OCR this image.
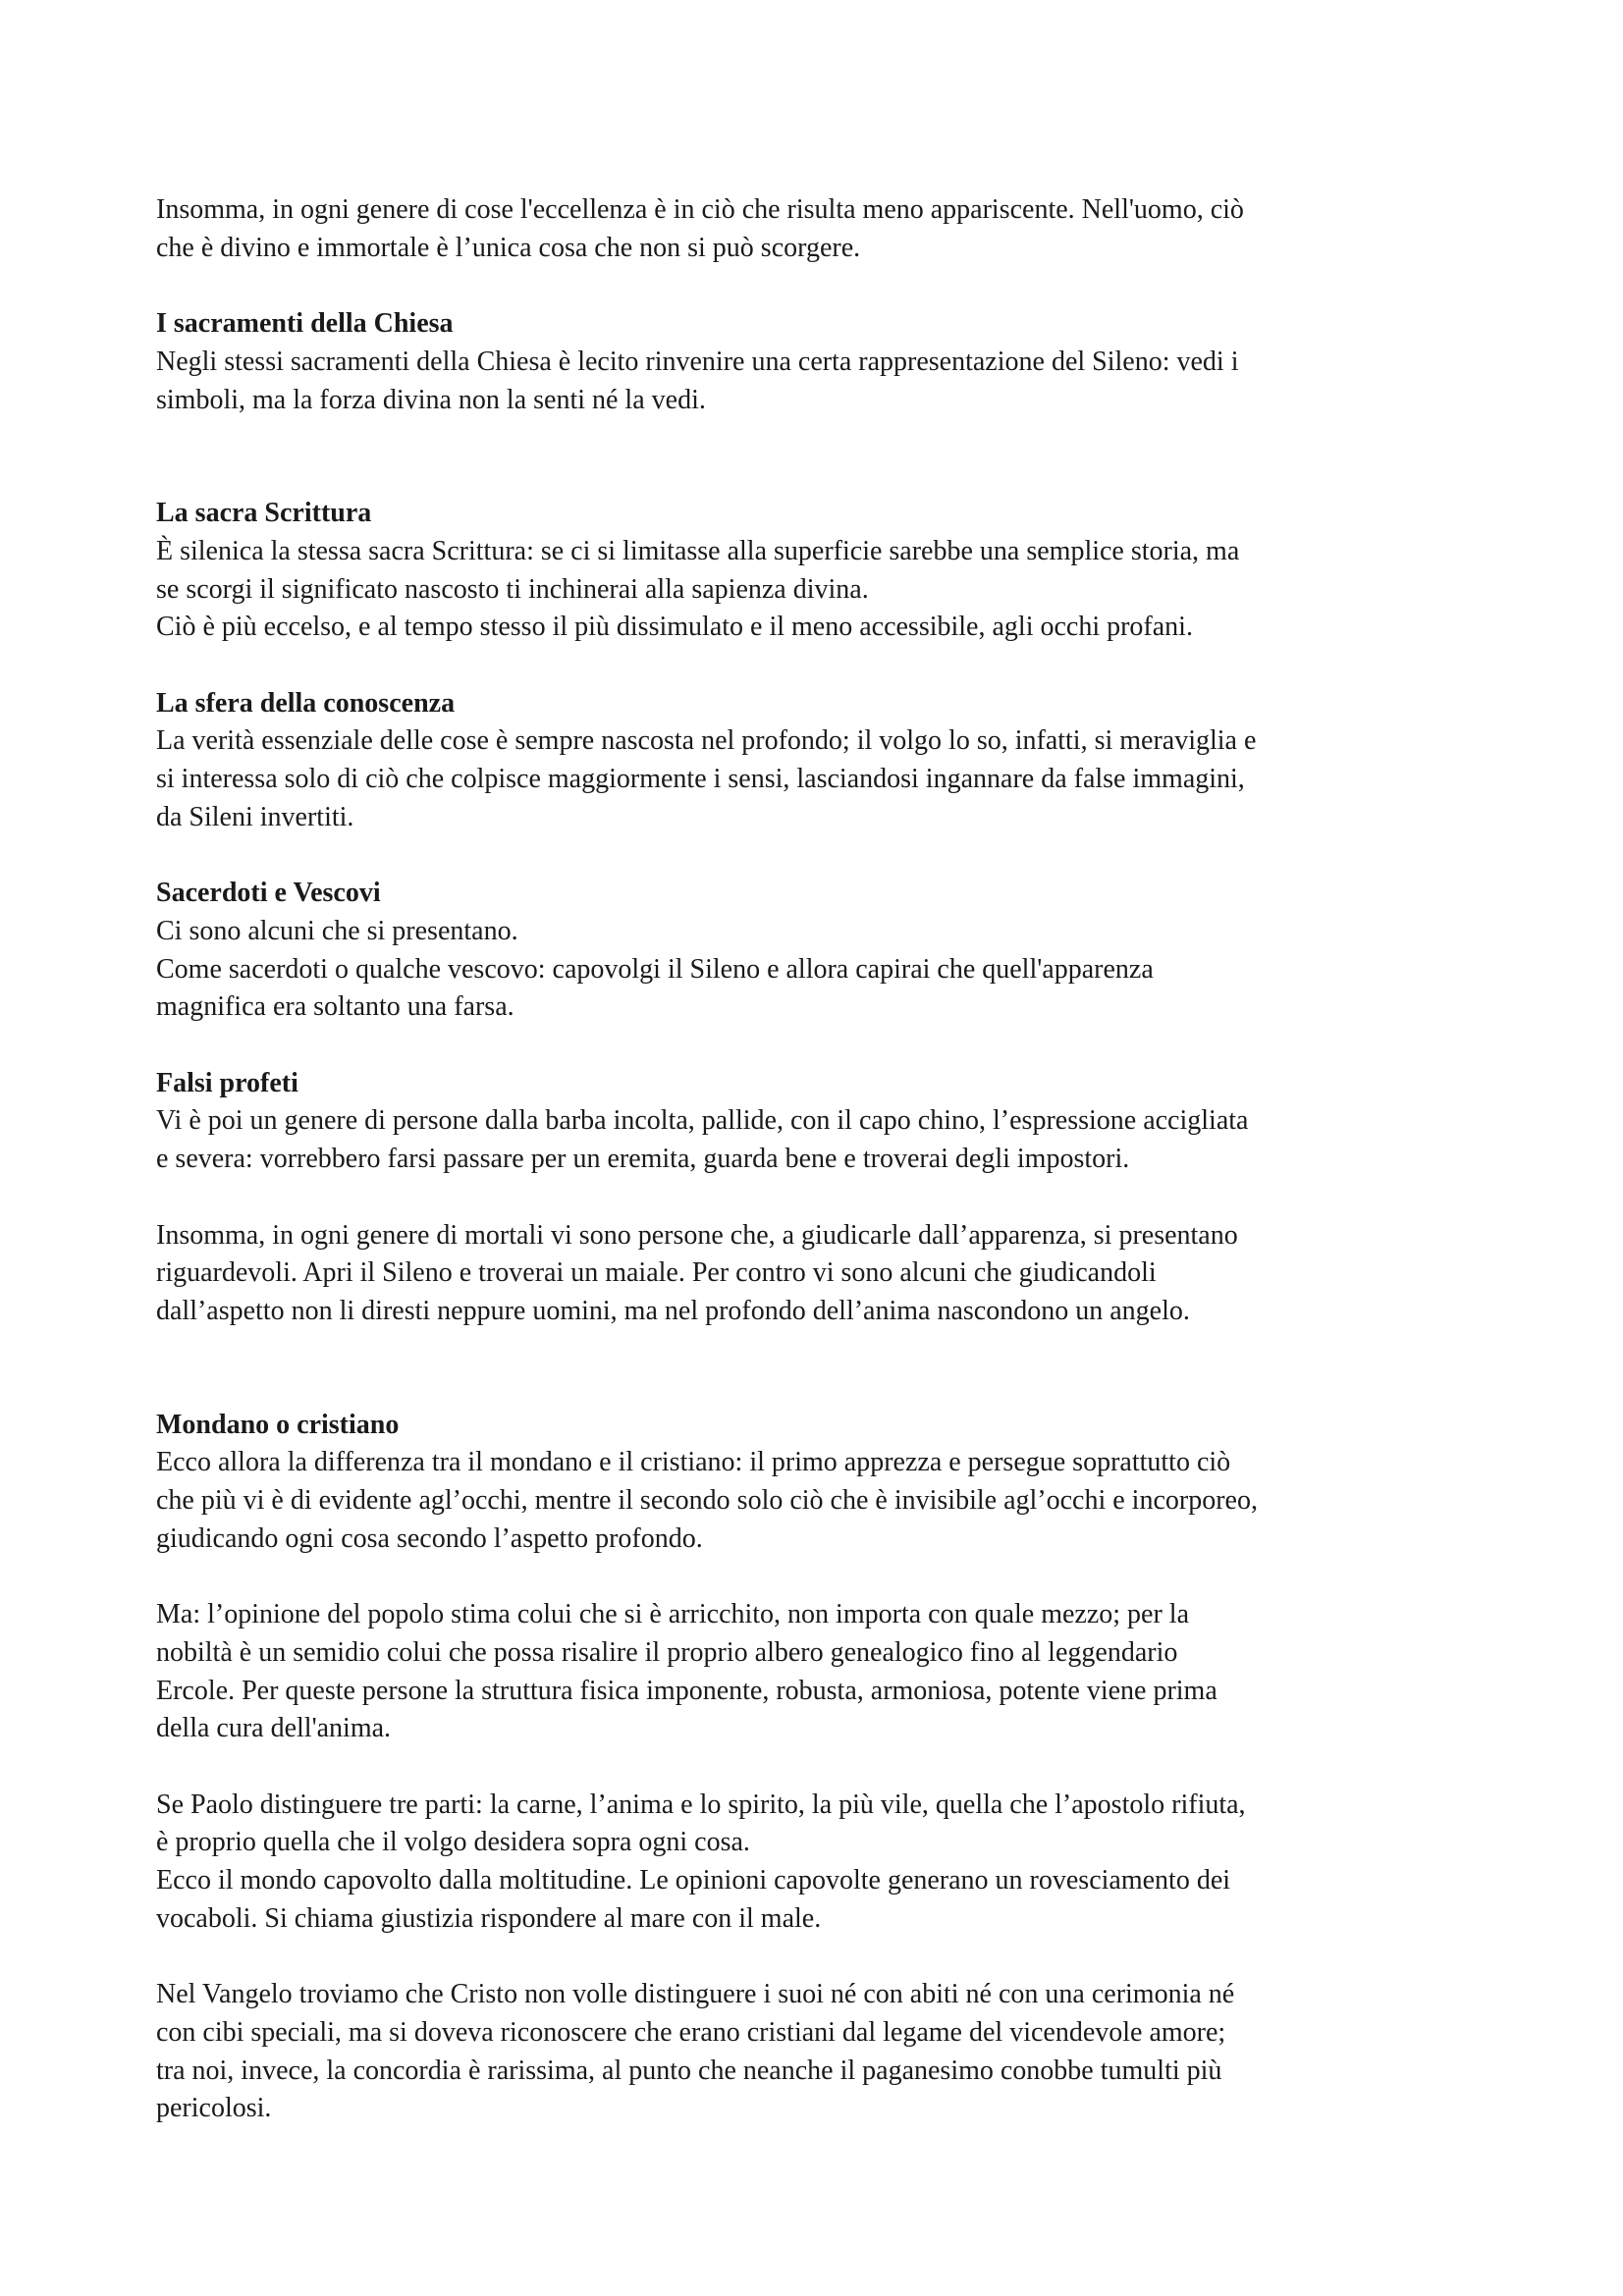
Insomma, in ogni genere di cose l'eccellenza è in ciò che risulta meno appariscente. Nell'uomo, ciò
che è divino e immortale è l’unica cosa che non si può scorgere.

I sacramenti della Chiesa

Negli stessi sacramenti della Chiesa è lecito rinvenire una certa rappresentazione del Sileno: vedi i
simboli, ma la forza divina non la senti né la vedi.

La sacra Scrittura

È silenica la stessa sacra Scrittura: se ci si limitasse alla superficie sarebbe una semplice storia, ma
se scorgi il significato nascosto ti inchinerai alla sapienza divina.
Ciò è più eccelso, e al tempo stesso il più dissimulato e il meno accessibile, agli occhi profani.

La sfera della conoscenza

La verità essenziale delle cose è sempre nascosta nel profondo; il volgo lo so, infatti, si meraviglia e
si interessa solo di ciò che colpisce maggiormente i sensi, lasciandosi ingannare da false immagini,
da Sileni invertiti.

Sacerdoti e Vescovi

Ci sono alcuni che si presentano.
Come sacerdoti o qualche vescovo: capovolgi il Sileno e allora capirai che quell'apparenza
magnifica era soltanto una farsa.

Falsi profeti

Vi è poi un genere di persone dalla barba incolta, pallide, con il capo chino, l’espressione accigliata
e severa: vorrebbero farsi passare per un eremita, guarda bene e troverai degli impostori.

Insomma, in ogni genere di mortali vi sono persone che, a giudicarle dall’apparenza, si presentano
riguardevoli. Apri il Sileno e troverai un maiale. Per contro vi sono alcuni che giudicandoli
dall’aspetto non li diresti neppure uomini, ma nel profondo dell’anima nascondono un angelo.

Mondano o cristiano

Ecco allora la differenza tra il mondano e il cristiano: il primo apprezza e persegue soprattutto ciò
che più vi è di evidente agl’occhi, mentre il secondo solo ciò che è invisibile agl’occhi e incorporeo,
giudicando ogni cosa secondo l’aspetto profondo.

Ma: l’opinione del popolo stima colui che si è arricchito, non importa con quale mezzo; per la
nobiltà è un semidio colui che possa risalire il proprio albero genealogico fino al leggendario
Ercole. Per queste persone la struttura fisica imponente, robusta, armoniosa, potente viene prima
della cura dell'anima.

Se Paolo distinguere tre parti: la carne, l’anima e lo spirito, la più vile, quella che l’apostolo rifiuta,
è proprio quella che il volgo desidera sopra ogni cosa.
Ecco il mondo capovolto dalla moltitudine. Le opinioni capovolte generano un rovesciamento dei
vocaboli. Si chiama giustizia rispondere al mare con il male.

Nel Vangelo troviamo che Cristo non volle distinguere i suoi né con abiti né con una cerimonia né
con cibi speciali, ma si doveva riconoscere che erano cristiani dal legame del vicendevole amore;
tra noi, invece, la concordia è rarissima, al punto che neanche il paganesimo conobbe tumulti più
pericolosi.
